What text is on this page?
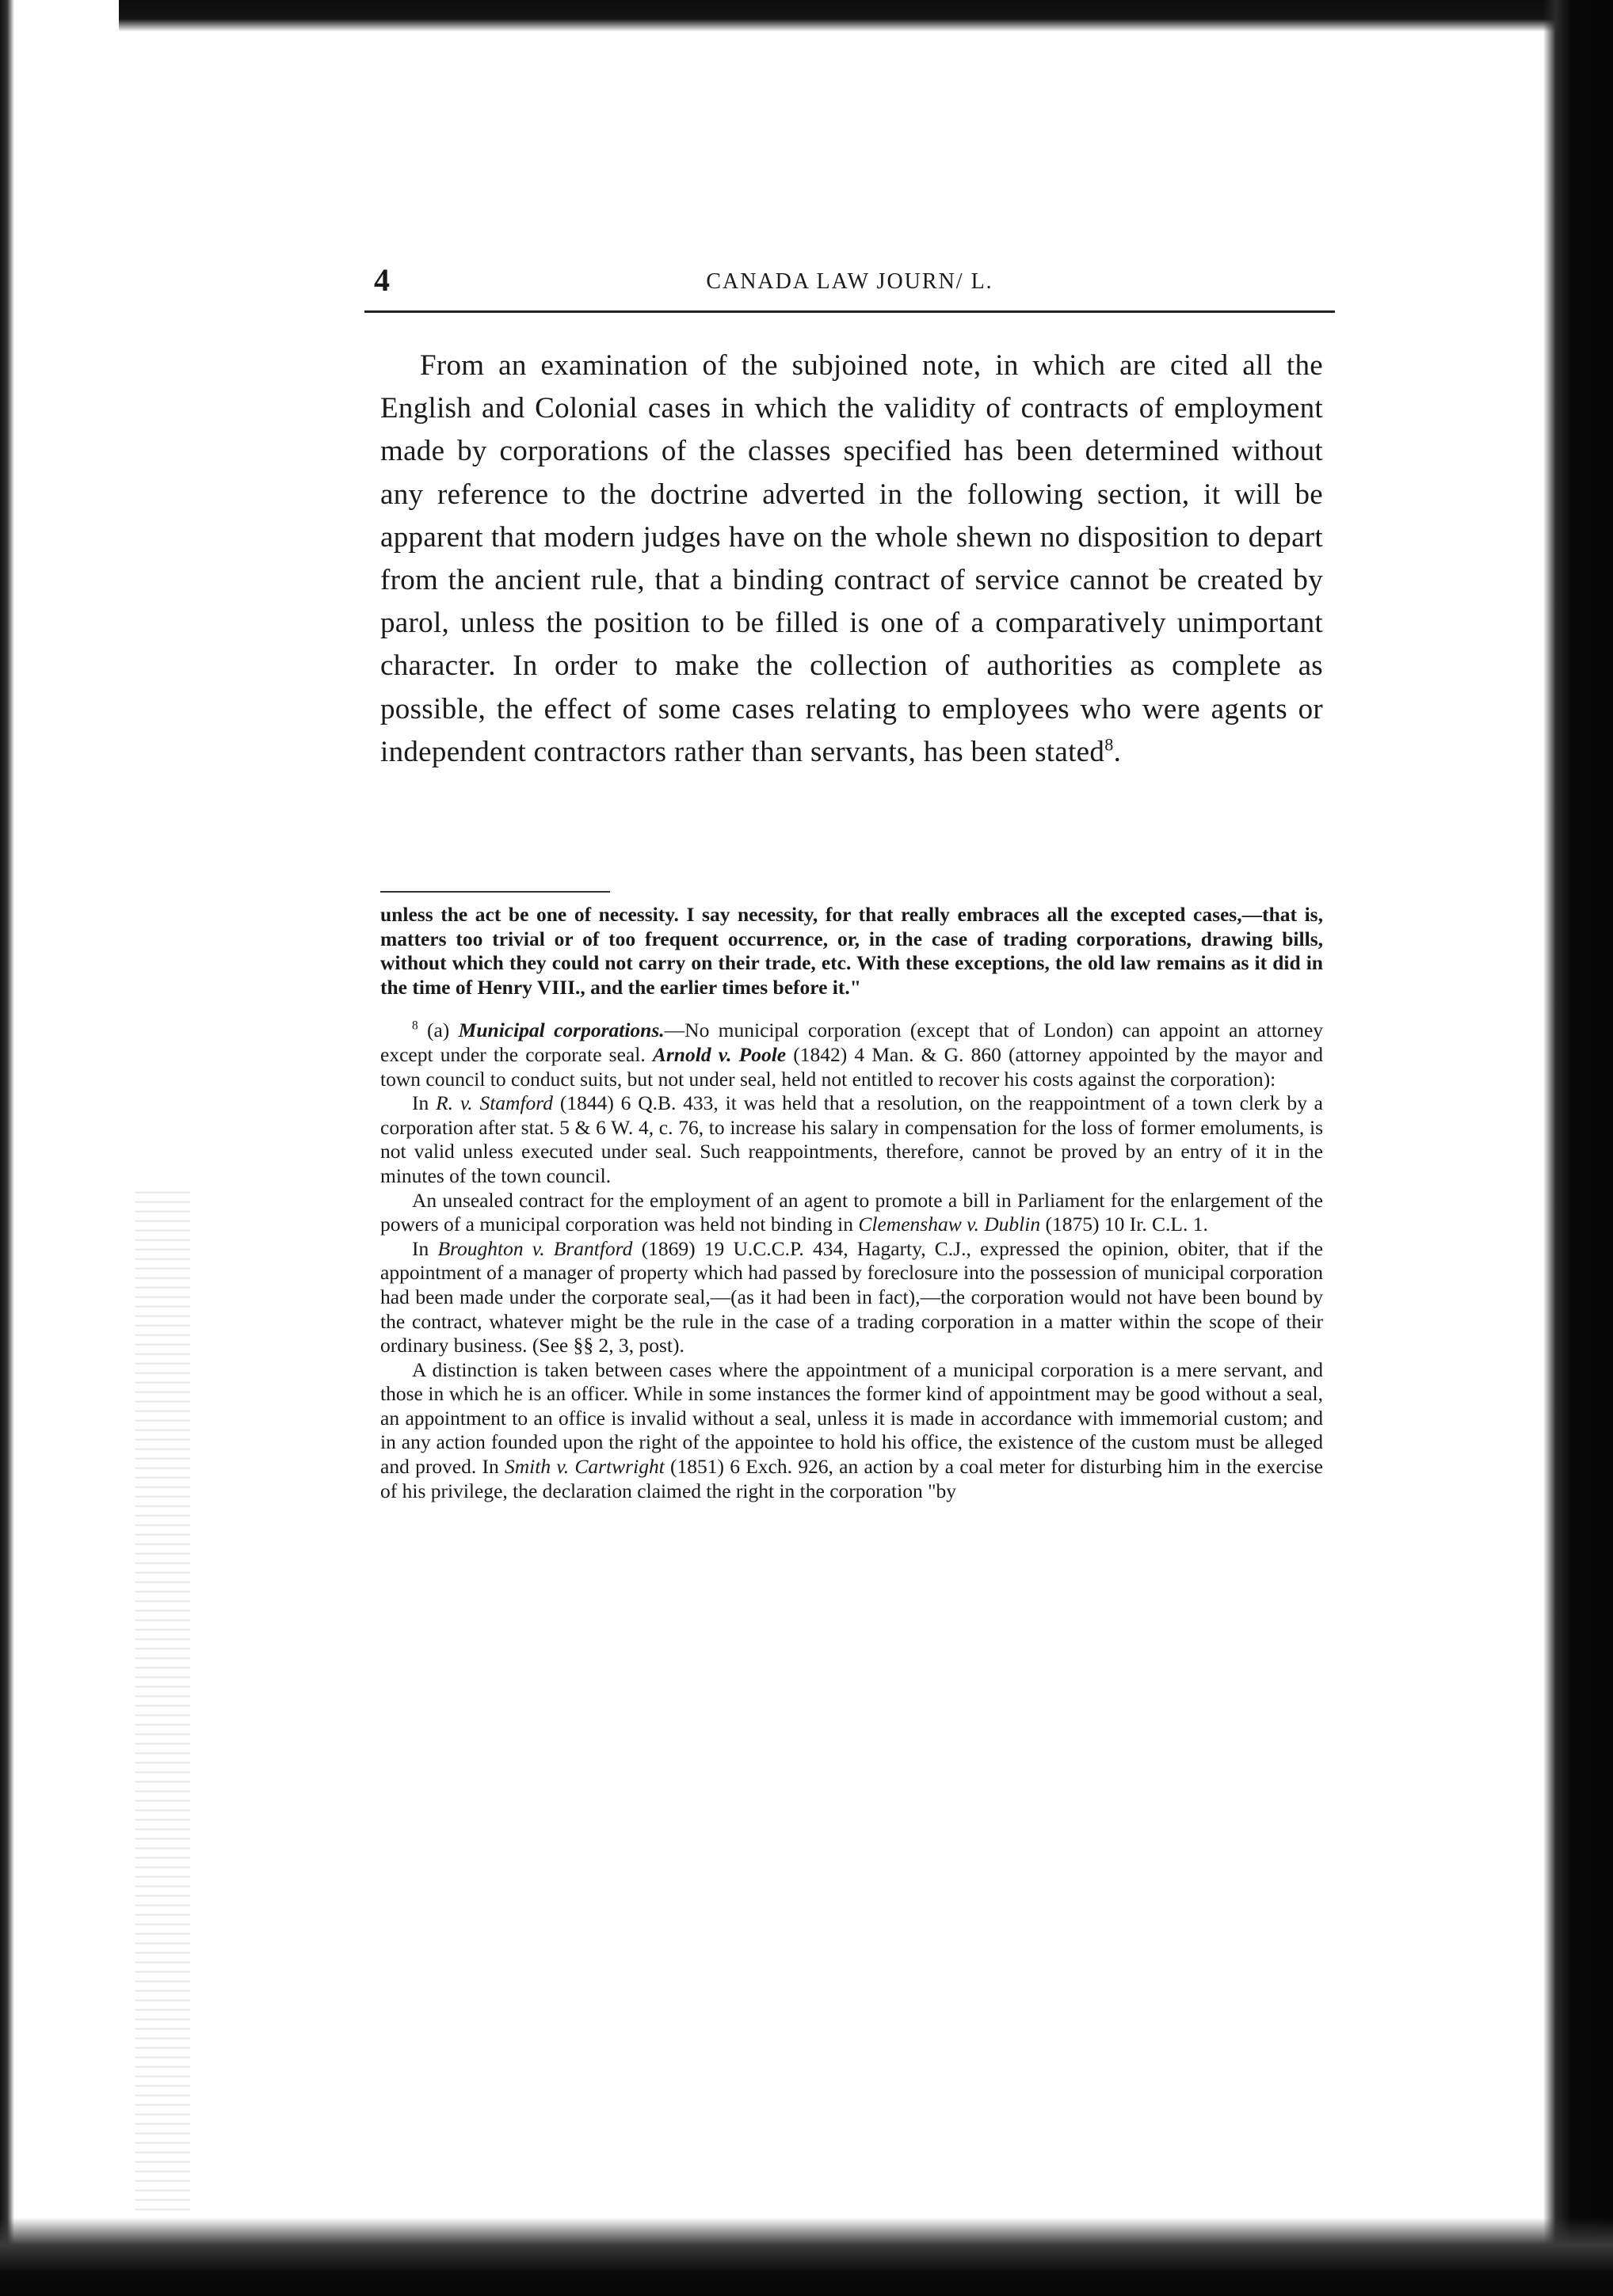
4	CANADA LAW JOURN/ L.

From an examination of the subjoined note, in which are cited all the English and Colonial cases in which the validity of contracts of employment made by corporations of the classes specified has been determined without any reference to the doctrine adverted in the following section, it will be apparent that modern judges have on the whole shewn no disposition to depart from the ancient rule, that a binding contract of service cannot be created by parol, unless the position to be filled is one of a comparatively unimportant character. In order to make the collection of authorities as complete as possible, the effect of some cases relating to employees who were agents or independent contractors rather than servants, has been stated$^8$.

unless the act be one of necessity. I say necessity, for that really embraces all the excepted cases,—that is, matters too trivial or of too frequent occurrence, or, in the case of trading corporations, drawing bills, without which they could not carry on their trade, etc. With these exceptions, the old law remains as it did in the time of Henry VIII., and the earlier times before it."

$^8$ (a) Municipal corporations.—No municipal corporation (except that of London) can appoint an attorney except under the corporate seal. Arnold v. Poole (1842) 4 Man. & G. 860 (attorney appointed by the mayor and town council to conduct suits, but not under seal, held not entitled to recover his costs against the corporation):

In R. v. Stamford (1844) 6 Q.B. 433, it was held that a resolution, on the reappointment of a town clerk by a corporation after stat. 5 & 6 W. 4, c. 76, to increase his salary in compensation for the loss of former emoluments, is not valid unless executed under seal. Such reappointments, therefore, cannot be proved by an entry of it in the minutes of the town council.

An unsealed contract for the employment of an agent to promote a bill in Parliament for the enlargement of the powers of a municipal corporation was held not binding in Clemenshaw v. Dublin (1875) 10 Ir. C.L. 1.

In Broughton v. Brantford (1869) 19 U.C.C.P. 434, Hagarty, C.J., expressed the opinion, obiter, that if the appointment of a manager of property which had passed by foreclosure into the possession of municipal corporation had been made under the corporate seal,—(as it had been in fact),—the corporation would not have been bound by the contract, whatever might be the rule in the case of a trading corporation in a matter within the scope of their ordinary business. (See §§ 2, 3, post).

A distinction is taken between cases where the appointment of a municipal corporation is a mere servant, and those in which he is an officer. While in some instances the former kind of appointment may be good without a seal, an appointment to an office is invalid without a seal, unless it is made in accordance with immemorial custom; and in any action founded upon the right of the appointee to hold his office, the existence of the custom must be alleged and proved. In Smith v. Cartwright (1851) 6 Exch. 926, an action by a coal meter for disturbing him in the exercise of his privilege, the declaration claimed the right in the corporation "by
